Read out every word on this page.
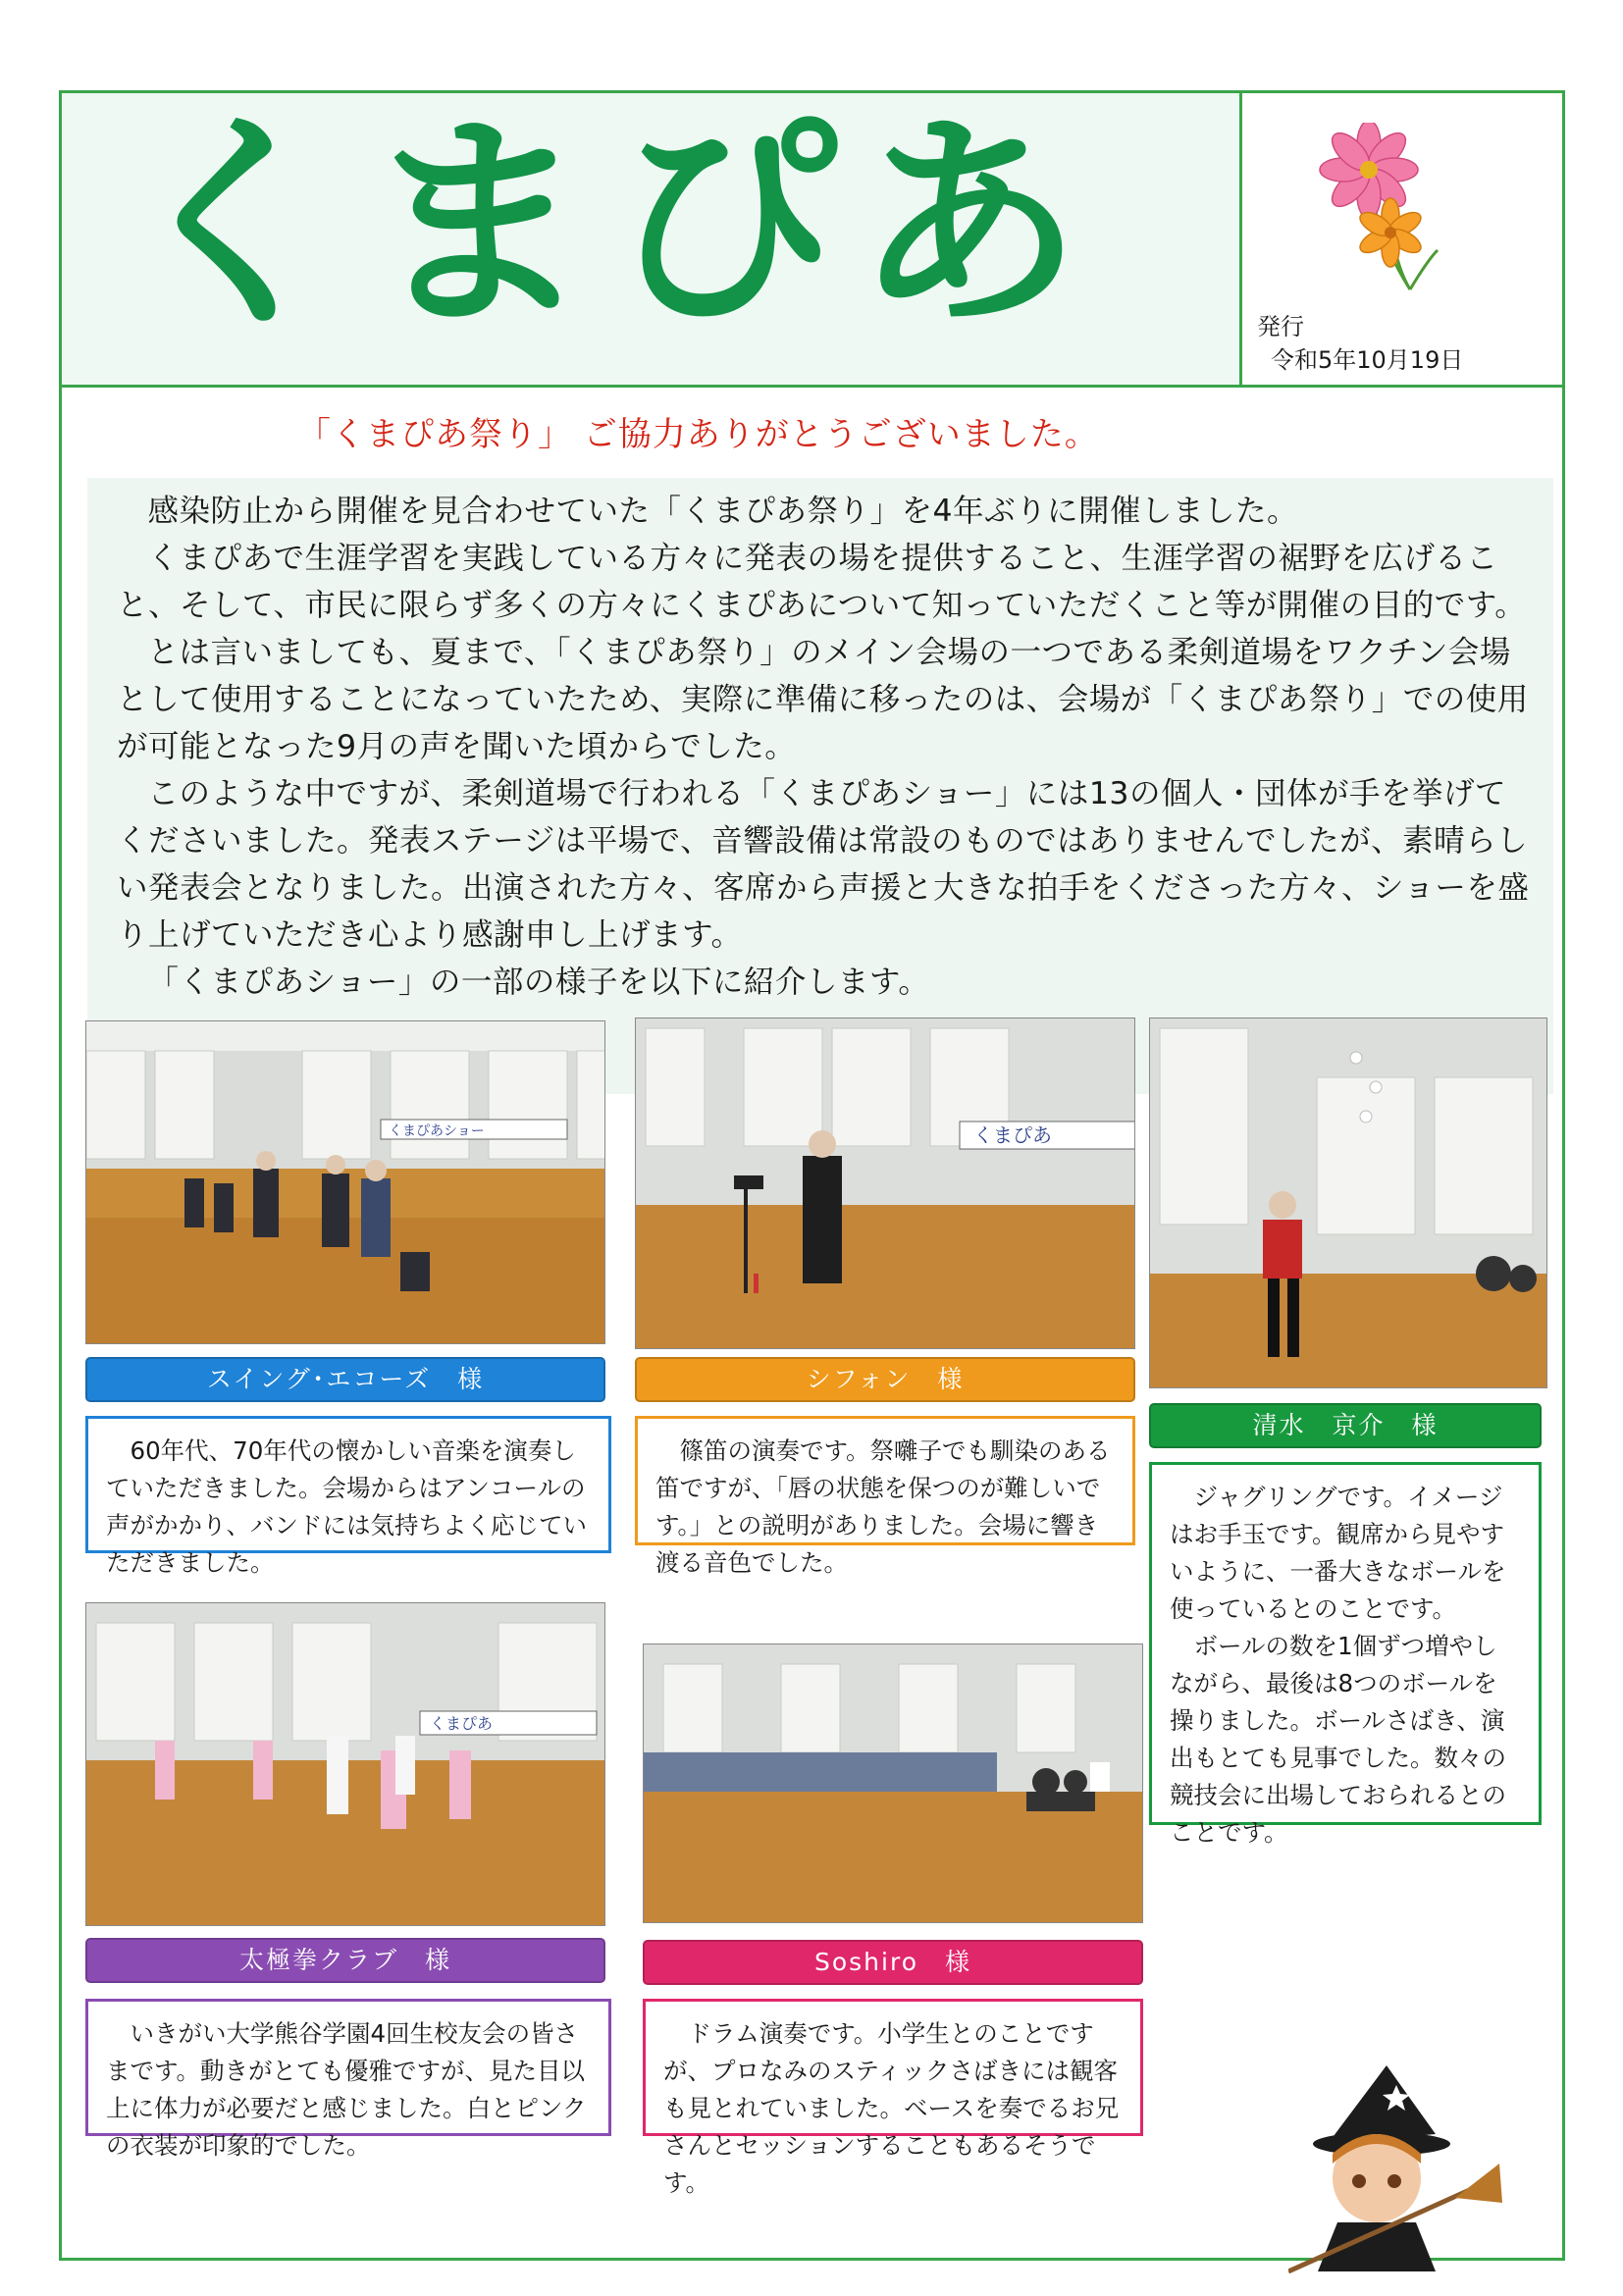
くまぴあ	発行
令和5年10月19日
「くまぴあ祭り」 ご協力ありがとうございました。

感染防止から開催を見合わせていた「くまぴあ祭り」を4年ぶりに開催しました。

くまぴあで生涯学習を実践している方々に発表の場を提供すること、生涯学習の裾野を広げること、そして、市民に限らず多くの方々にくまぴあについて知っていただくこと等が開催の目的です。

とは言いましても、夏まで、「くまぴあ祭り」のメイン会場の一つである柔剣道場をワクチン会場として使用することになっていたため、実際に準備に移ったのは、会場が「くまぴあ祭り」での使用が可能となった9月の声を聞いた頃からでした。

このような中ですが、柔剣道場で行われる「くまぴあショー」には13の個人・団体が手を挙げてくださいました。発表ステージは平場で、音響設備は常設のものではありませんでしたが、素晴らしい発表会となりました。出演された方々、客席から声援と大きな拍手をくださった方々、ショーを盛り上げていただき心より感謝申し上げます。

「くまぴあショー」の一部の様子を以下に紹介します。

くまぴあショー
スイング･エコーズ　様

60年代、70年代の懐かしい音楽を演奏していただきました。会場からはアンコールの声がかかり、バンドには気持ちよく応じていただきました。

くまぴあ
シフォン　様

篠笛の演奏です。祭囃子でも馴染のある笛ですが、「唇の状態を保つのが難しいです。」との説明がありました。会場に響き渡る音色でした。

清水　京介　様

ジャグリングです。イメージはお手玉です。観席から見やすいように、一番大きなボールを使っているとのことです。

ボールの数を1個ずつ増やしながら、最後は8つのボールを操りました。ボールさばき、演出もとても見事でした。数々の競技会に出場しておられるとのことです。

くまぴあ
太極拳クラブ　様

いきがい大学熊谷学園4回生校友会の皆さまです。動きがとても優雅ですが、見た目以上に体力が必要だと感じました。白とピンクの衣装が印象的でした。

Soshiro　様

ドラム演奏です。小学生とのことですが、プロなみのスティックさばきには観客も見とれていました。ベースを奏でるお兄さんとセッションすることもあるそうです。
